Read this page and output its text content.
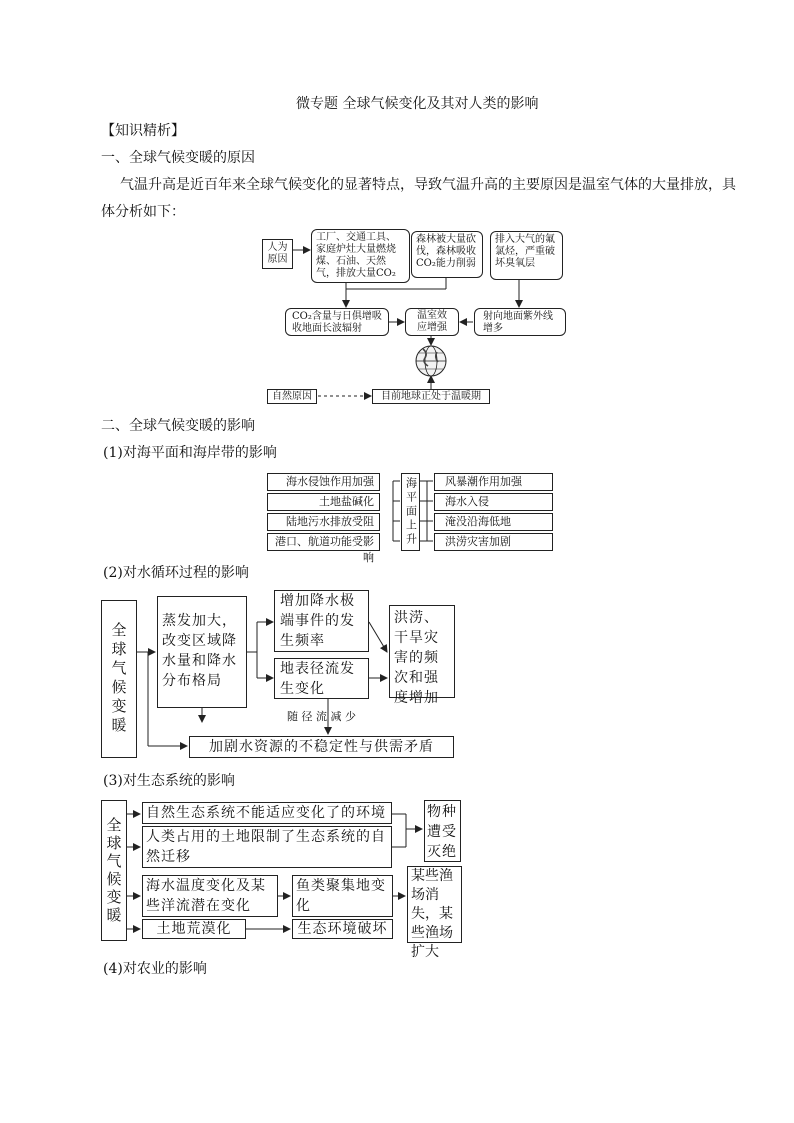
微专题 全球气候变化及其对人类的影响
【知识精析】
一、全球气候变暖的原因
气温升高是近百年来全球气候变化的显著特点，导致气温升高的主要原因是温室气体的大量排放，具
体分析如下：
人为原因
工厂、交通工具、家庭炉灶大量燃烧煤、石油、天然气，排放大量CO₂
森林被大量砍伐，森林吸收CO₂能力削弱
排入大气的氟氯烃，严重破坏臭氧层
CO₂含量与日俱增吸收地面长波辐射
温室效应增强
射向地面紫外线增多
自然原因	目前地球正处于温暖期
二、全球气候变暖的影响
(1)对海平面和海岸带的影响
海水侵蚀作用加强
土地盐碱化
陆地污水排放受阻
港口、航道功能受影响
海平面上升	风暴潮作用加强
海水入侵
淹没沿海低地
洪涝灾害加剧
(2)对水循环过程的影响
全球气候变暖
蒸发加大，改变区域降水量和降水分布格局
增加降水极端事件的发生频率
地表径流发生变化
洪涝、干旱灾害的频次和强度增加
随 径 流 减 少
加剧水资源的不稳定性与供需矛盾
(3)对生态系统的影响
全球气候变暖
自然生态系统不能适应变化了的环境
人类占用的土地限制了生态系统的自然迁移
海水温度变化及某些洋流潜在变化
土地荒漠化
物种遭受灭绝
鱼类聚集地变化
生态环境破坏
某些渔场消失，某些渔场扩大
(4)对农业的影响
